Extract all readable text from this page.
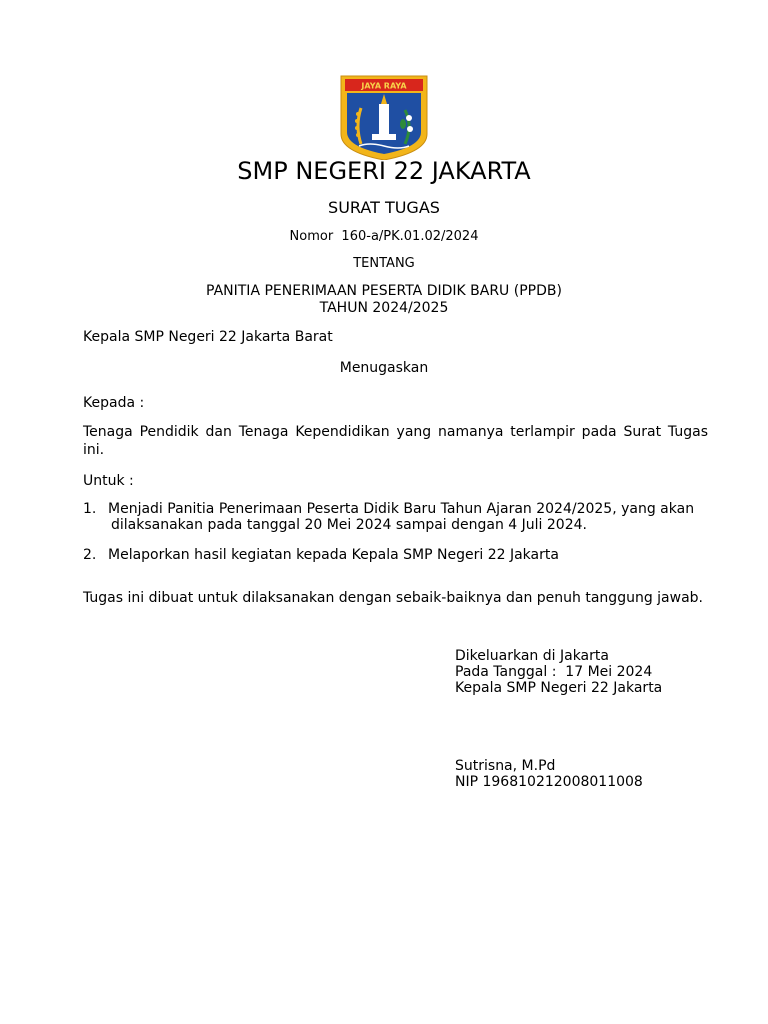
JAYA RAYA
SMP NEGERI 22 JAKARTA
SURAT TUGAS
Nomor  160-a/PK.01.02/2024
TENTANG
PANITIA PENERIMAAN PESERTA DIDIK BARU (PPDB)
TAHUN 2024/2025
Kepala SMP Negeri 22 Jakarta Barat
Menugaskan
Kepada :
Tenaga Pendidik dan Tenaga Kependidikan yang namanya terlampir pada Surat Tugas ini.
Untuk :
1. Menjadi Panitia Penerimaan Peserta Didik Baru Tahun Ajaran 2024/2025, yang akan
dilaksanakan pada tanggal 20 Mei 2024 sampai dengan 4 Juli 2024.
2. Melaporkan hasil kegiatan kepada Kepala SMP Negeri 22 Jakarta
Tugas ini dibuat untuk dilaksanakan dengan sebaik-baiknya dan penuh tanggung jawab.
Dikeluarkan di Jakarta
Pada Tanggal :  17 Mei 2024
Kepala SMP Negeri 22 Jakarta
Sutrisna, M.Pd
NIP 196810212008011008
